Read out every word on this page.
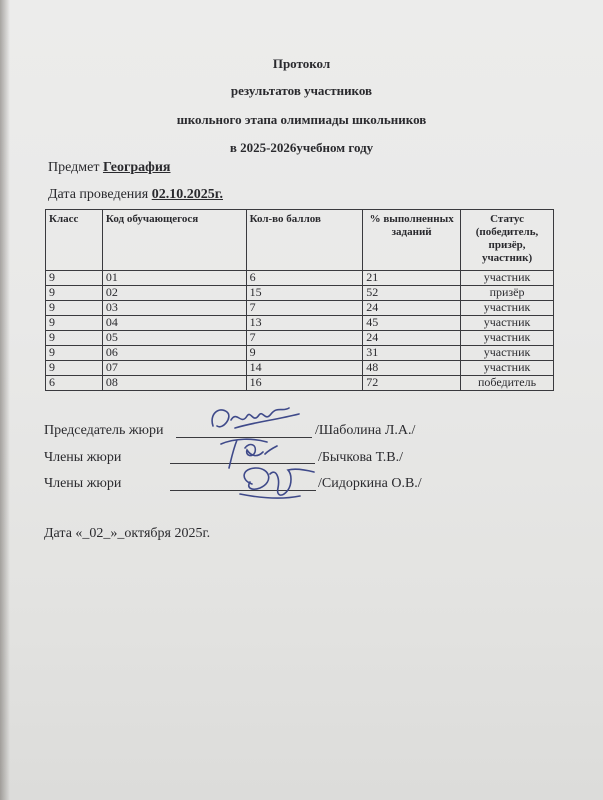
Протокол
результатов участников
школьного этапа олимпиады школьников
в 2025-2026учебном году
Предмет География
Дата проведения 02.10.2025г.
Класс	Код обучающегося	Кол-во баллов	% выполненных заданий	Статус (победитель, призёр, участник)
9	01	6	21	участник
9	02	15	52	призёр
9	03	7	24	участник
9	04	13	45	участник
9	05	7	24	участник
9	06	9	31	участник
9	07	14	48	участник
6	08	16	72	победитель
Председатель жюри	/Шаболина Л.А./
Члены жюри	/Бычкова Т.В./
Члены жюри	/Сидоркина О.В./
Дата «_02_»_октября 2025г.
